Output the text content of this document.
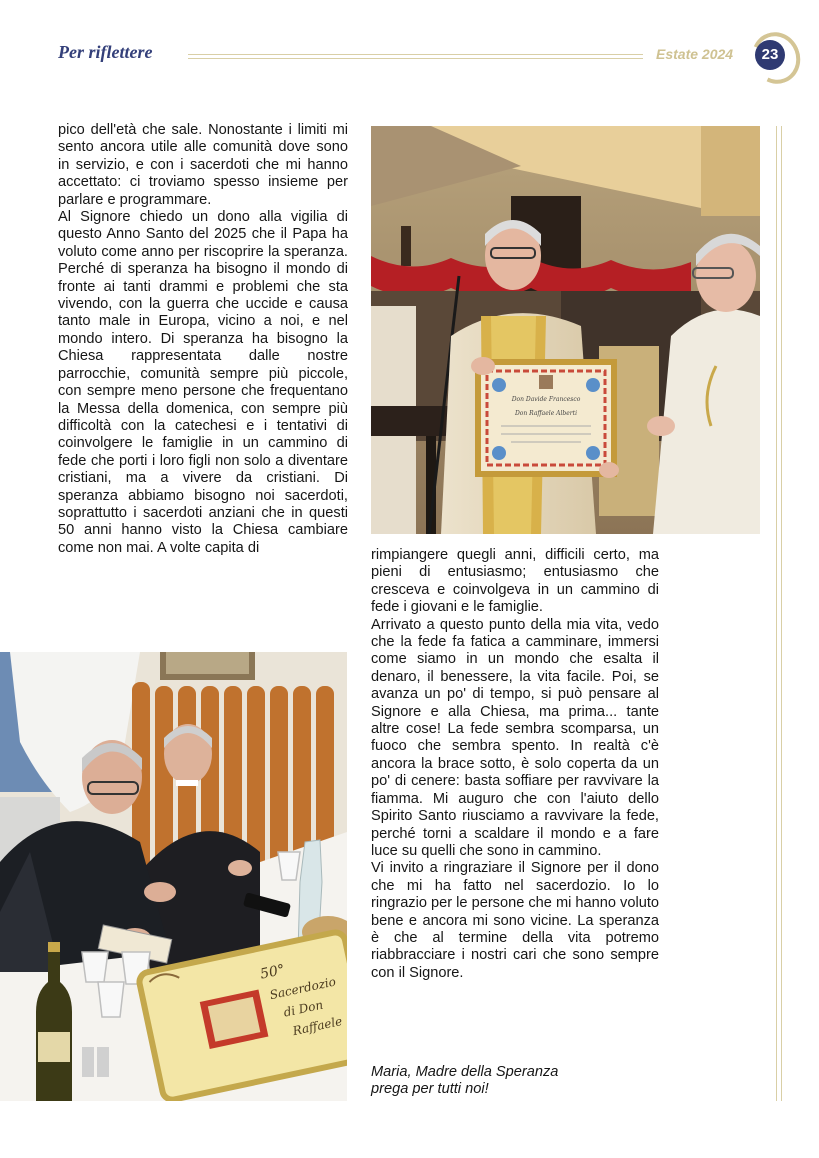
Per riflettere	Estate 2024	23

pico dell'età che sale. Nonostante i limiti mi sento ancora utile alle comunità dove sono in servizio, e con i sacerdoti che mi hanno accettato: ci troviamo spesso insieme per parlare e programmare.

Al Signore chiedo un dono alla vigilia di questo Anno Santo del 2025 che il Papa ha voluto come anno per riscoprire la speranza. Perché di speranza ha bisogno il mondo di fronte ai tanti drammi e problemi che sta vivendo, con la guerra che uccide e causa tanto male in Europa, vicino a noi, e nel mondo intero. Di speranza ha bisogno la Chiesa rappresentata dalle nostre parrocchie, comunità sempre più piccole, con sempre meno persone che frequentano la Messa della domenica, con sempre più difficoltà con la catechesi e i tentativi di coinvolgere le famiglie in un cammino di fede che porti i loro figli non solo a diventare cristiani, ma a vivere da cristiani. Di speranza abbiamo bisogno noi sacerdoti, soprattutto i sacerdoti anziani che in questi 50 anni hanno visto la Chiesa cambiare come non mai. A volte capita di

Don Davide Francesco
Don Raffaele Alberti
50°
Sacerdozio
di Don
Raffaele

rimpiangere quegli anni, difficili certo, ma pieni di entusiasmo; entusiasmo che cresceva e coinvolgeva in un cammino di fede i giovani e le famiglie.

Arrivato a questo punto della mia vita, vedo che la fede fa fatica a camminare, immersi come siamo in un mondo che esalta il denaro, il benessere, la vita facile. Poi, se avanza un po' di tempo, si può pensare al Signore e alla Chiesa, ma prima... tante altre cose! La fede sembra scomparsa, un fuoco che sembra spento. In realtà c'è ancora la brace sotto, è solo coperta da un po' di cenere: basta soffiare per ravvivare la fiamma. Mi auguro che con l'aiuto dello Spirito Santo riusciamo a ravvivare la fede, perché torni a scaldare il mondo e a fare luce su quelli che sono in cammino.

Vi invito a ringraziare il Signore per il dono che mi ha fatto nel sacerdozio. Io lo ringrazio per le persone che mi hanno voluto bene e ancora mi sono vicine. La speranza è che al termine della vita potremo riabbracciare i nostri cari che sono sempre con il Signore.

Maria, Madre della Speranza
prega per tutti noi!
